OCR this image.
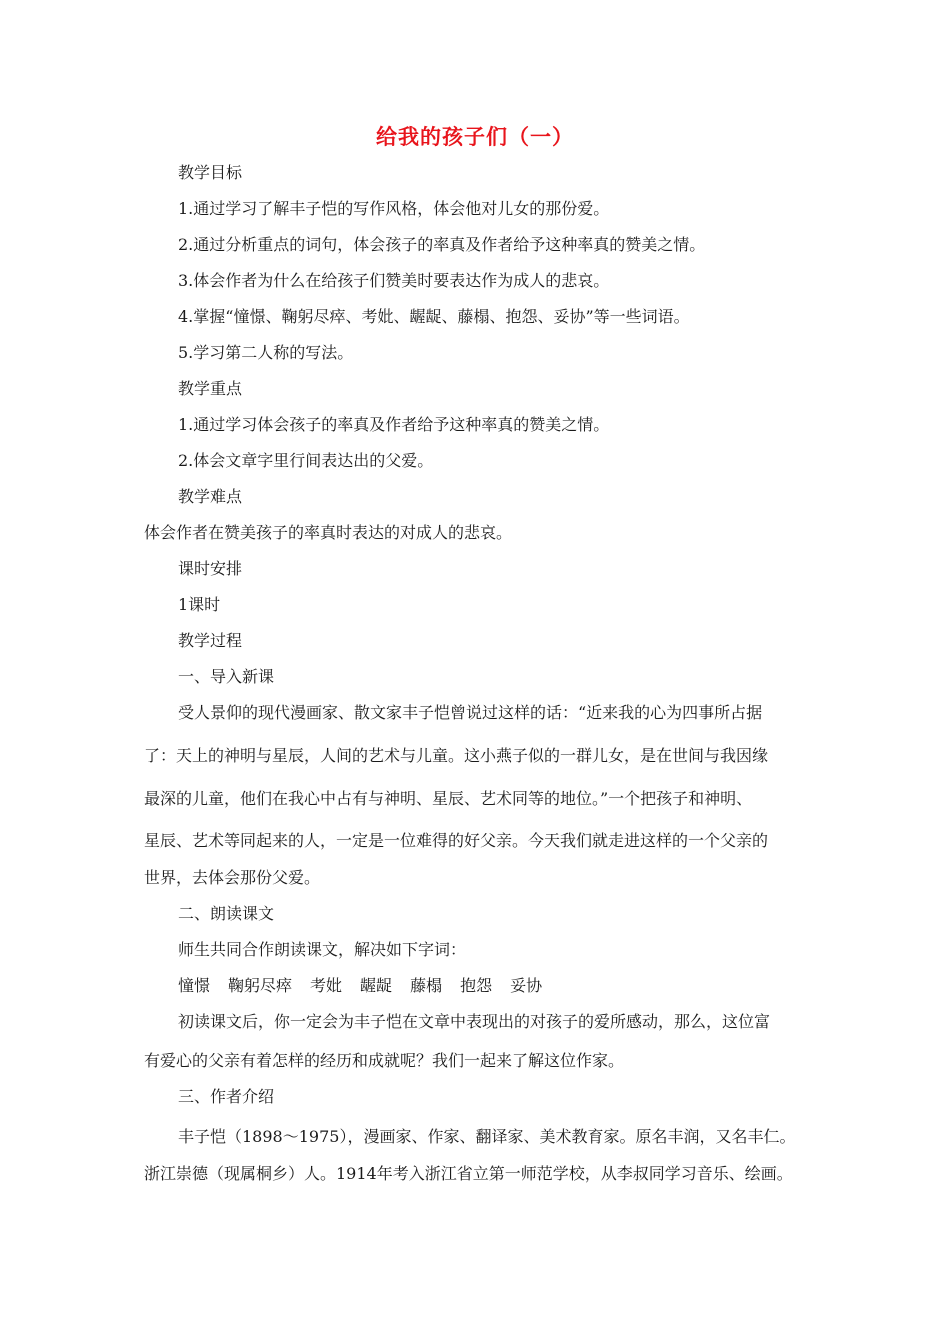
给我的孩子们（一）
教学目标
1.通过学习了解丰子恺的写作风格，体会他对儿女的那份爱。
2.通过分析重点的词句，体会孩子的率真及作者给予这种率真的赞美之情。
3.体会作者为什么在给孩子们赞美时要表达作为成人的悲哀。
4.掌握“憧憬、鞠躬尽瘁、考妣、龌龊、藤榻、抱怨、妥协”等一些词语。
5.学习第二人称的写法。
教学重点
1.通过学习体会孩子的率真及作者给予这种率真的赞美之情。
2.体会文章字里行间表达出的父爱。
教学难点
体会作者在赞美孩子的率真时表达的对成人的悲哀。
课时安排
1课时
教学过程
一、导入新课
受人景仰的现代漫画家、散文家丰子恺曾说过这样的话：“近来我的心为四事所占据
了：天上的神明与星辰，人间的艺术与儿童。这小燕子似的一群儿女，是在世间与我因缘
最深的儿童，他们在我心中占有与神明、星辰、艺术同等的地位。”一个把孩子和神明、
星辰、艺术等同起来的人，一定是一位难得的好父亲。今天我们就走进这样的一个父亲的
世界，去体会那份父爱。
二、朗读课文
师生共同合作朗读课文，解决如下字词：
憧憬 鞠躬尽瘁 考妣 龌龊 藤榻 抱怨 妥协
初读课文后，你一定会为丰子恺在文章中表现出的对孩子的爱所感动，那么，这位富
有爱心的父亲有着怎样的经历和成就呢？我们一起来了解这位作家。
三、作者介绍
丰子恺（1898～1975），漫画家、作家、翻译家、美术教育家。原名丰润，又名丰仁。
浙江崇德（现属桐乡）人。1914年考入浙江省立第一师范学校，从李叔同学习音乐、绘画。
